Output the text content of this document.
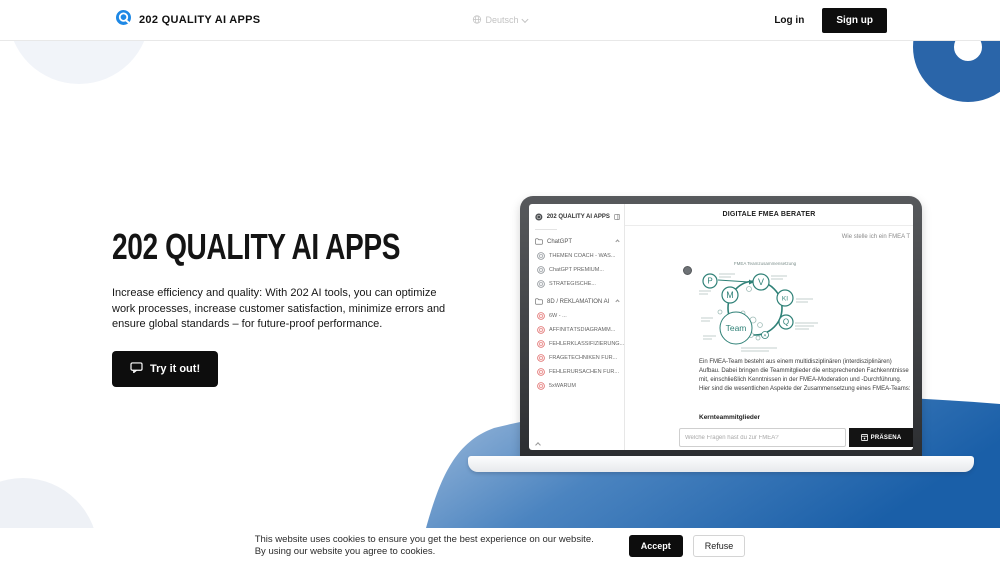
202 QUALITY AI APPS	Deutsch	Log in	Sign up
202 QUALITY AI APPS

Increase efficiency and quality: With 202 AI tools, you can optimize work processes, increase customer satisfaction, minimize errors and ensure global standards – for future-proof performance.

Try it out!
202 QUALITY AI APPS
ChatGPT
THEMEN COACH - WAS...
ChatGPT PREMIUM...
STRATEGISCHE...
8D / REKLAMATION AI
6W - ...
AFFINITÄTSDIAGRAMM...
FEHLERKLASSIFIZIERUNG...
FRAGETECHNIKEN FÜR...
FEHLERURSACHEN FÜR...
5xWARUM
DIGITALE FMEA BERATER
Wie stelle ich ein FMEA T
FMEA Teamzusammensetzung
P
M
V
KI
Q
Team
A
Ein FMEA-Team besteht aus einem multidisziplinären (interdisziplinären) Aufbau. Dabei bringen die Teammitglieder die entsprechenden Fachkenntnisse mit, einschließlich Kenntnissen in der FMEA-Moderation und -Durchführung. Hier sind die wesentlichen Aspekte der Zusammensetzung eines FMEA-Teams:
Kernteammitglieder
Welche Fragen hast du zur FMEA?
PRÄSENA

This website uses cookies to ensure you get the best experience on our website. By using our website you agree to cookies.	Accept	Refuse
